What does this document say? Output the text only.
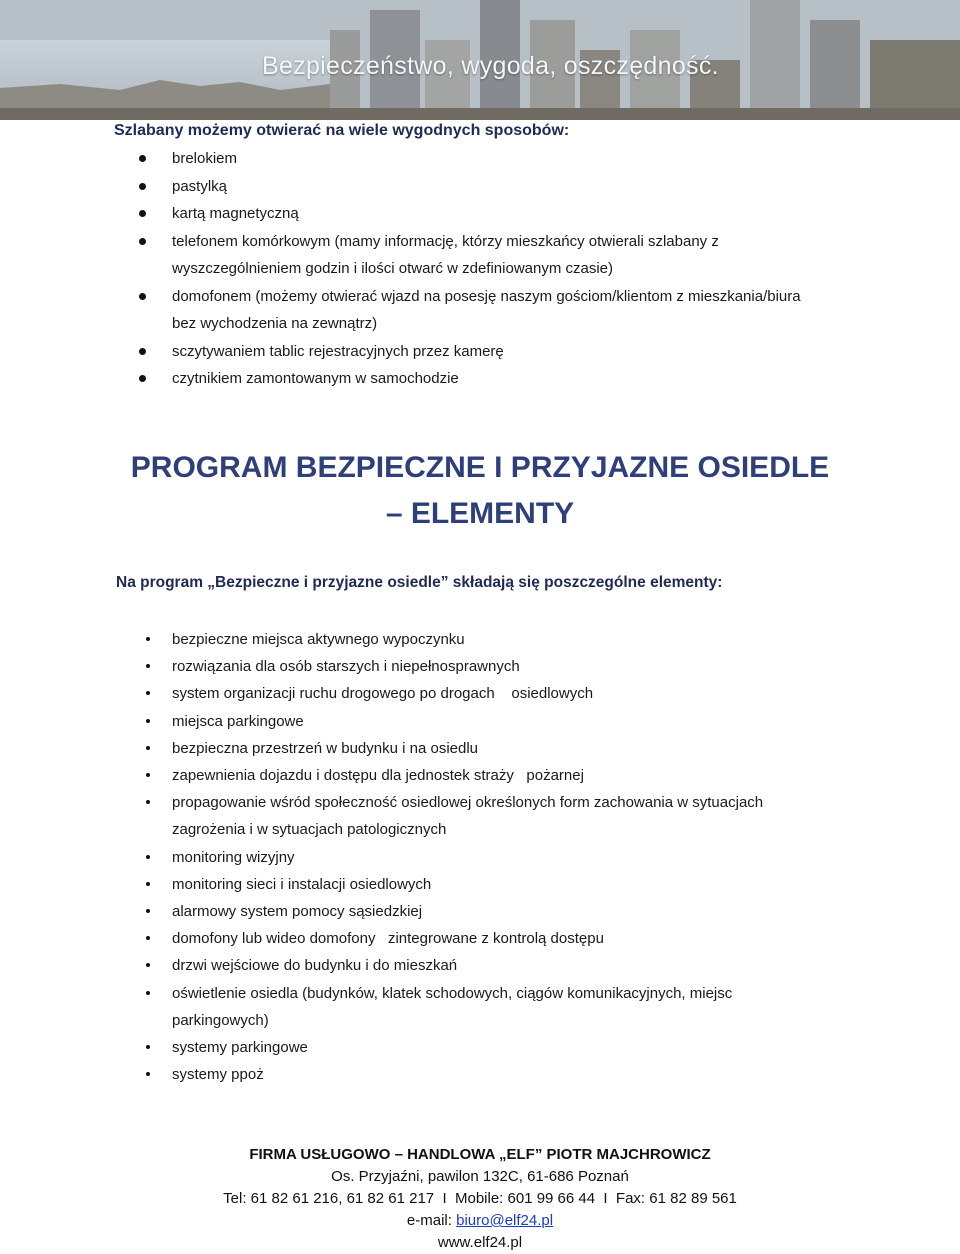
Bezpieczeństwo, wygoda, oszczędność.
Szlabany możemy otwierać na wiele wygodnych sposobów:
brelokiem
pastylką
kartą magnetyczną
telefonem komórkowym (mamy informację, którzy mieszkańcy otwierali szlabany z wyszczególnieniem godzin i ilości otwarć w zdefiniowanym czasie)
domofonem (możemy otwierać wjazd na posesję naszym gościom/klientom z mieszkania/biura bez wychodzenia na zewnątrz)
sczytywaniem tablic rejestracyjnych przez kamerę
czytnikiem zamontowanym w samochodzie
PROGRAM BEZPIECZNE I PRZYJAZNE OSIEDLE
– ELEMENTY
Na program „Bezpieczne i przyjazne osiedle” składają się poszczególne elementy:
bezpieczne miejsca aktywnego wypoczynku
rozwiązania dla osób starszych i niepełnosprawnych
system organizacji ruchu drogowego po drogach    osiedlowych
miejsca parkingowe
bezpieczna przestrzeń w budynku i na osiedlu
zapewnienia dojazdu i dostępu dla jednostek straży   pożarnej
propagowanie wśród społeczność osiedlowej określonych form zachowania w sytuacjach zagrożenia i w sytuacjach patologicznych
monitoring wizyjny
monitoring sieci i instalacji osiedlowych
alarmowy system pomocy sąsiedzkiej
domofony lub wideo domofony   zintegrowane z kontrolą dostępu
drzwi wejściowe do budynku i do mieszkań
oświetlenie osiedla (budynków, klatek schodowych, ciągów komunikacyjnych, miejsc parkingowych)
systemy parkingowe
systemy ppoż
FIRMA USŁUGOWO – HANDLOWA „ELF” PIOTR MAJCHROWICZ
Os. Przyjaźni, pawilon 132C, 61-686 Poznań
Tel: 61 82 61 216, 61 82 61 217  I  Mobile: 601 99 66 44  I  Fax: 61 82 89 561
e-mail: biuro@elf24.pl
www.elf24.pl
